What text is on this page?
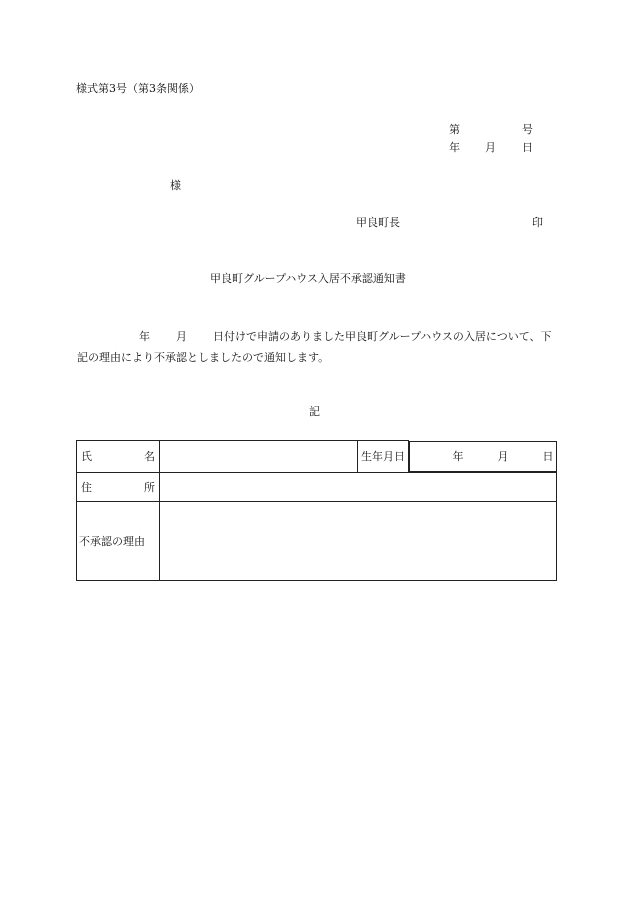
様式第3号（第3条関係）
第	号
年 月 日
様
甲良町長	印
甲良町グループハウス入居不承認通知書
年 月 日付けで申請のありました甲良町グループハウスの入居について、下記の理由により不承認としましたので通知します。
記
氏 名		生年月日		年	月	日

住 所		

不承認の理由		
